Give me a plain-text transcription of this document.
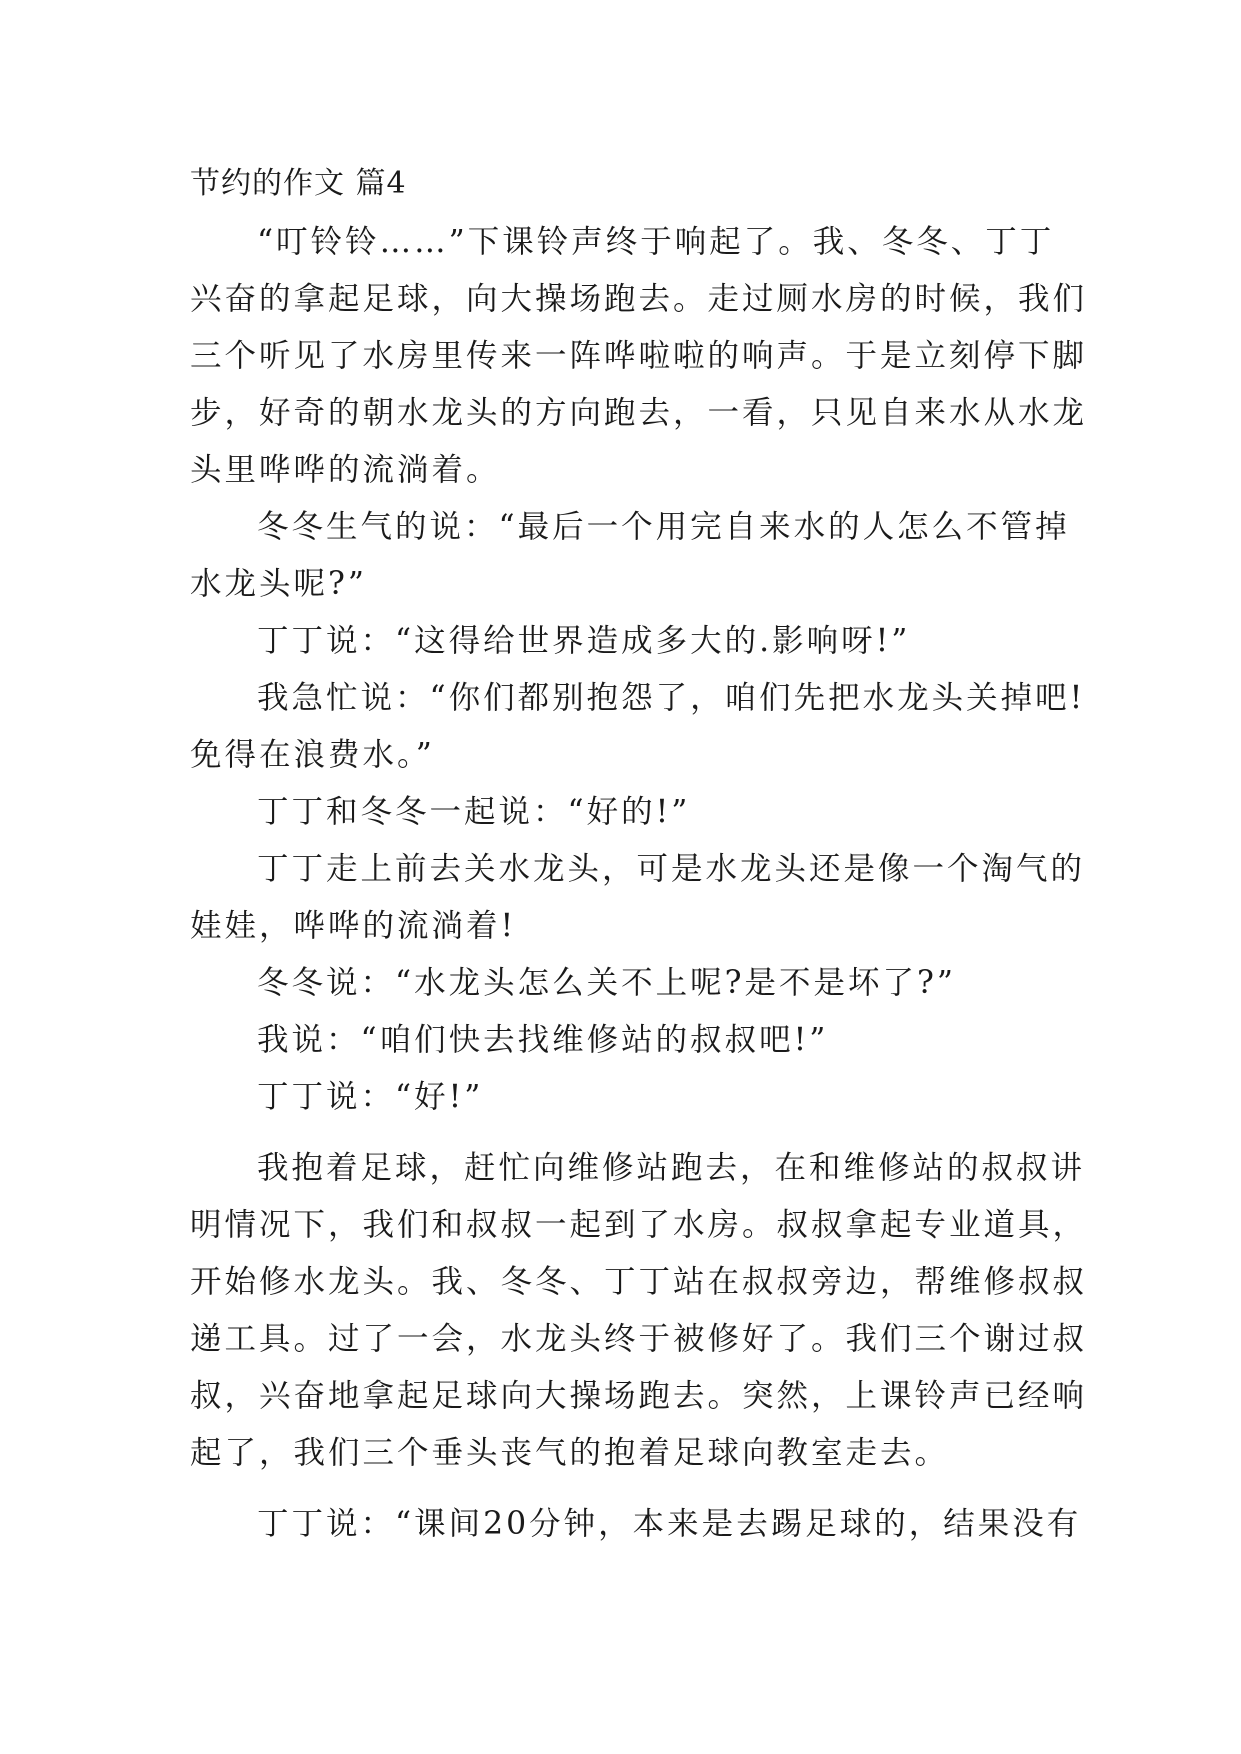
节约的作文 篇4
“叮铃铃……”下课铃声终于响起了。我、冬冬、丁丁
兴奋的拿起足球，向大操场跑去。走过厕水房的时候，我们
三个听见了水房里传来一阵哗啦啦的响声。于是立刻停下脚
步，好奇的朝水龙头的方向跑去，一看，只见自来水从水龙
头里哗哗的流淌着。
冬冬生气的说：“最后一个用完自来水的人怎么不管掉
水龙头呢?”
丁丁说：“这得给世界造成多大的.影响呀!”
我急忙说：“你们都别抱怨了，咱们先把水龙头关掉吧!
免得在浪费水。”
丁丁和冬冬一起说：“好的!”
丁丁走上前去关水龙头，可是水龙头还是像一个淘气的
娃娃，哗哗的流淌着!
冬冬说：“水龙头怎么关不上呢?是不是坏了?”
我说：“咱们快去找维修站的叔叔吧!”
丁丁说：“好!”
我抱着足球，赶忙向维修站跑去，在和维修站的叔叔讲
明情况下，我们和叔叔一起到了水房。叔叔拿起专业道具，
开始修水龙头。我、冬冬、丁丁站在叔叔旁边，帮维修叔叔
递工具。过了一会，水龙头终于被修好了。我们三个谢过叔
叔，兴奋地拿起足球向大操场跑去。突然，上课铃声已经响
起了，我们三个垂头丧气的抱着足球向教室走去。
丁丁说：“课间20分钟，本来是去踢足球的，结果没有
